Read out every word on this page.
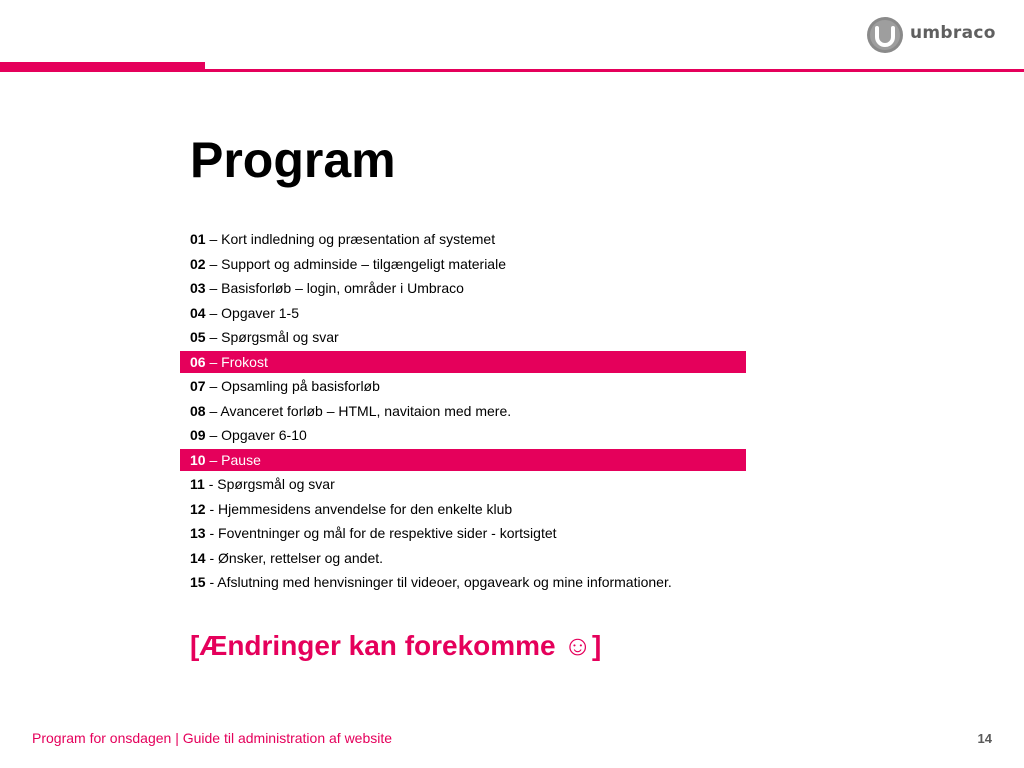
umbraco
Program
01 – Kort indledning og præsentation af systemet
02 – Support og adminside – tilgængeligt materiale
03 – Basisforløb – login, områder i Umbraco
04 – Opgaver 1-5
05 – Spørgsmål og svar
06 – Frokost
07 – Opsamling på basisforløb
08 – Avanceret forløb – HTML, navitaion med mere.
09 – Opgaver 6-10
10 – Pause
11 - Spørgsmål og svar
12 - Hjemmesidens anvendelse for den enkelte klub
13 - Foventninger og mål for de respektive sider - kortsigtet
14 - Ønsker, rettelser og andet.
15 - Afslutning med henvisninger til videoer, opgaveark og mine informationer.
[Ændringer kan forekomme ☺]
Program for onsdagen | Guide til administration af website	14
